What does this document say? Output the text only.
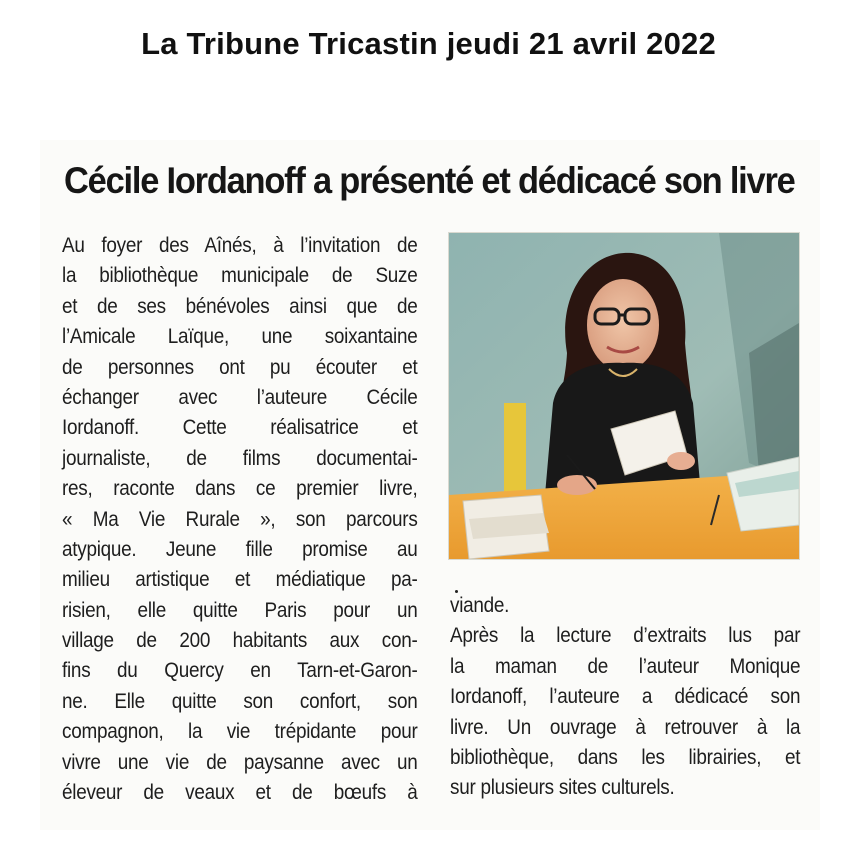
La Tribune Tricastin jeudi 21 avril 2022
Cécile Iordanoff a présenté et dédicacé son livre
Au foyer des Aînés, à l’invitation de
la bibliothèque municipale de Suze
et de ses bénévoles ainsi que de
l’Amicale Laïque, une soixantaine
de personnes ont pu écouter et
échanger avec l’auteure Cécile
Iordanoff. Cette réalisatrice et
journaliste, de films documentai-
res, raconte dans ce premier livre,
« Ma Vie Rurale », son parcours
atypique. Jeune fille promise au
milieu artistique et médiatique pa-
risien, elle quitte Paris pour un
village de 200 habitants aux con-
fins du Quercy en Tarn-et-Garon-
ne. Elle quitte son confort, son
compagnon, la vie trépidante pour
vivre une vie de paysanne avec un
éleveur de veaux et de bœufs à
viande.
Après la lecture d’extraits lus par
la maman de l’auteur Monique
Iordanoff, l’auteure a dédicacé son
livre. Un ouvrage à retrouver à la
bibliothèque, dans les librairies, et
sur plusieurs sites culturels.
